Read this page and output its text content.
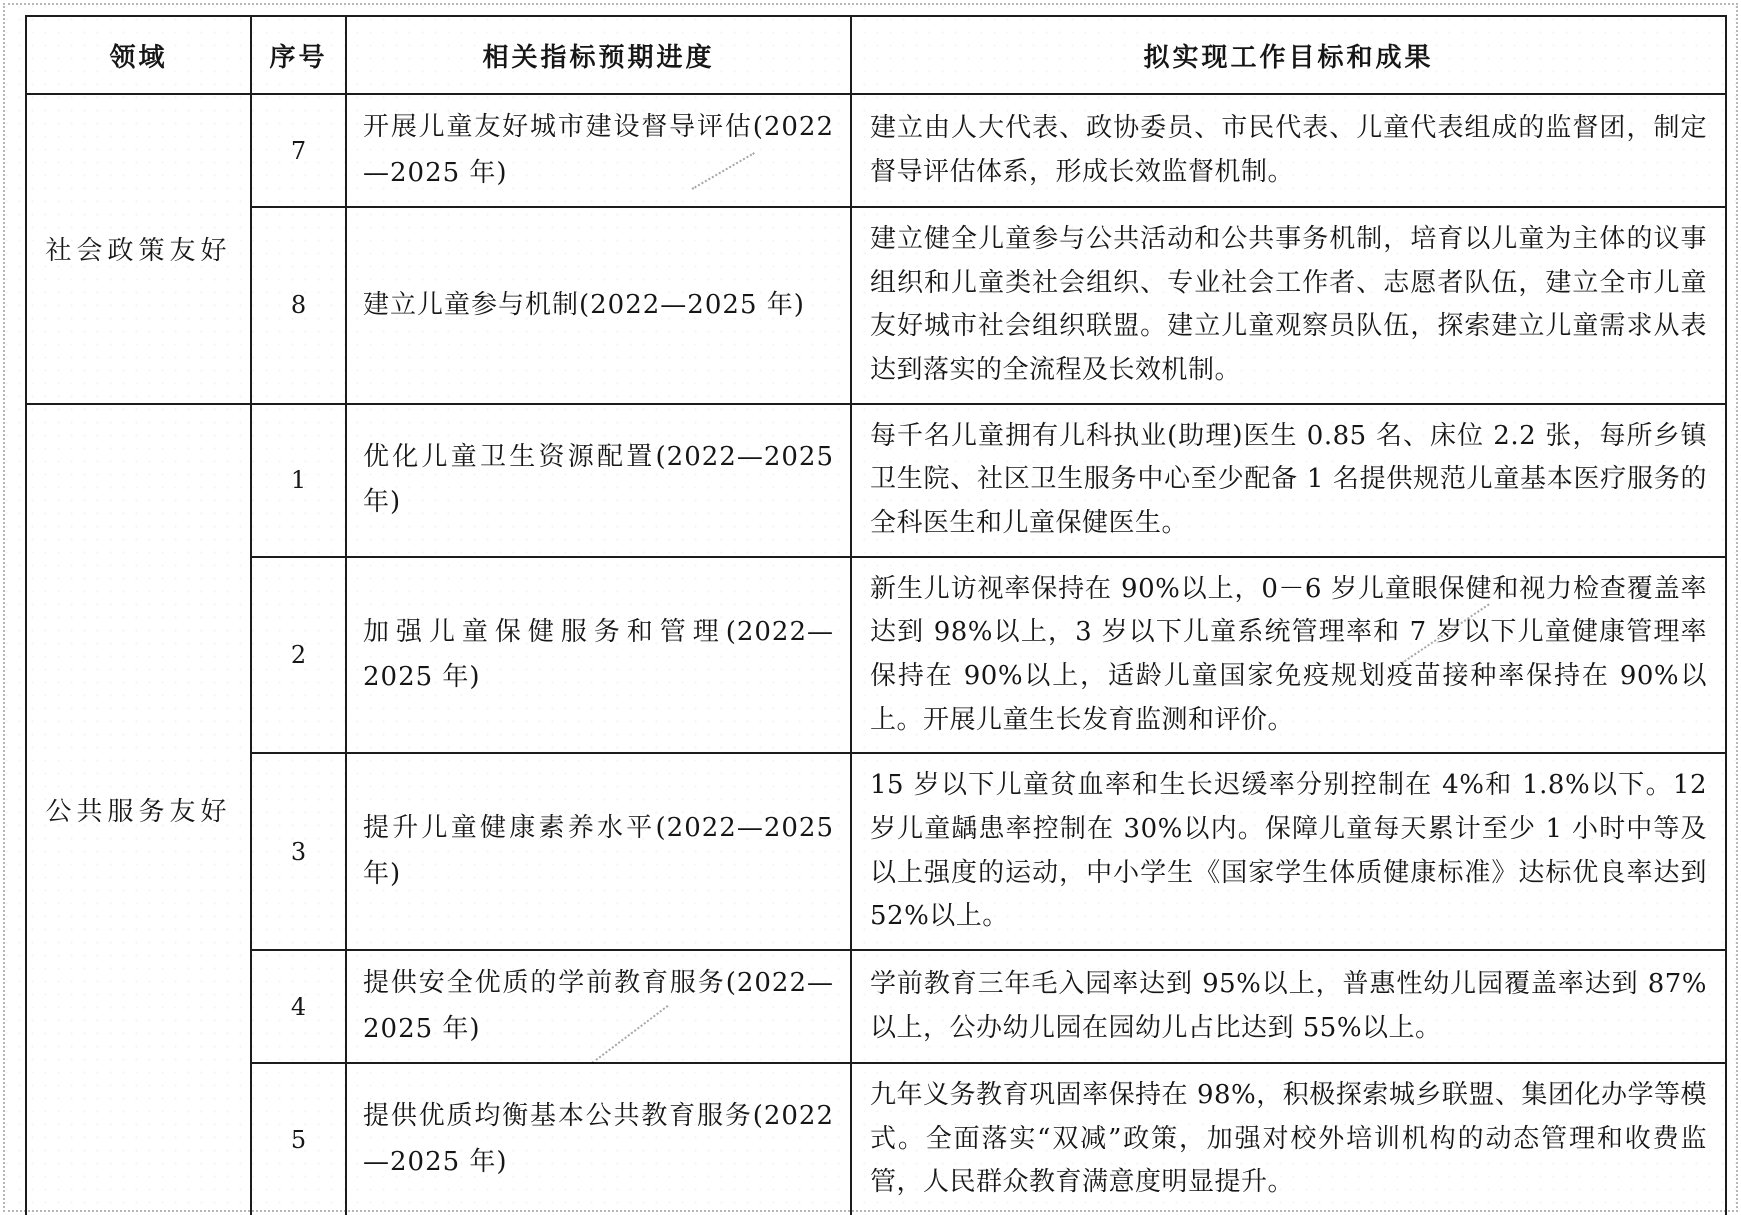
领域	序号	相关指标预期进度	拟实现工作目标和成果
社会政策友好	7	开展儿童友好城市建设督导评估(2022—2025 年)	建立由人大代表、政协委员、市民代表、儿童代表组成的监督团，制定督导评估体系，形成长效监督机制。
	8	建立儿童参与机制(2022—2025 年)	建立健全儿童参与公共活动和公共事务机制，培育以儿童为主体的议事组织和儿童类社会组织、专业社会工作者、志愿者队伍，建立全市儿童友好城市社会组织联盟。建立儿童观察员队伍，探索建立儿童需求从表达到落实的全流程及长效机制。
公共服务友好	1	优化儿童卫生资源配置(2022—2025 年)	每千名儿童拥有儿科执业(助理)医生 0.85 名、床位 2.2 张，每所乡镇卫生院、社区卫生服务中心至少配备 1 名提供规范儿童基本医疗服务的全科医生和儿童保健医生。
	2	加强儿童保健服务和管理(2022—2025 年)	新生儿访视率保持在 90%以上，0－6 岁儿童眼保健和视力检查覆盖率达到 98%以上，3 岁以下儿童系统管理率和 7 岁以下儿童健康管理率保持在 90%以上，适龄儿童国家免疫规划疫苗接种率保持在 90%以上。开展儿童生长发育监测和评价。
	3	提升儿童健康素养水平(2022—2025 年)	15 岁以下儿童贫血率和生长迟缓率分别控制在 4%和 1.8%以下。12 岁儿童龋患率控制在 30%以内。保障儿童每天累计至少 1 小时中等及以上强度的运动，中小学生《国家学生体质健康标准》达标优良率达到 52%以上。
	4	提供安全优质的学前教育服务(2022—2025 年)	学前教育三年毛入园率达到 95%以上，普惠性幼儿园覆盖率达到 87%以上，公办幼儿园在园幼儿占比达到 55%以上。
	5	提供优质均衡基本公共教育服务(2022—2025 年)	九年义务教育巩固率保持在 98%，积极探索城乡联盟、集团化办学等模式。全面落实“双减”政策，加强对校外培训机构的动态管理和收费监管，人民群众教育满意度明显提升。
